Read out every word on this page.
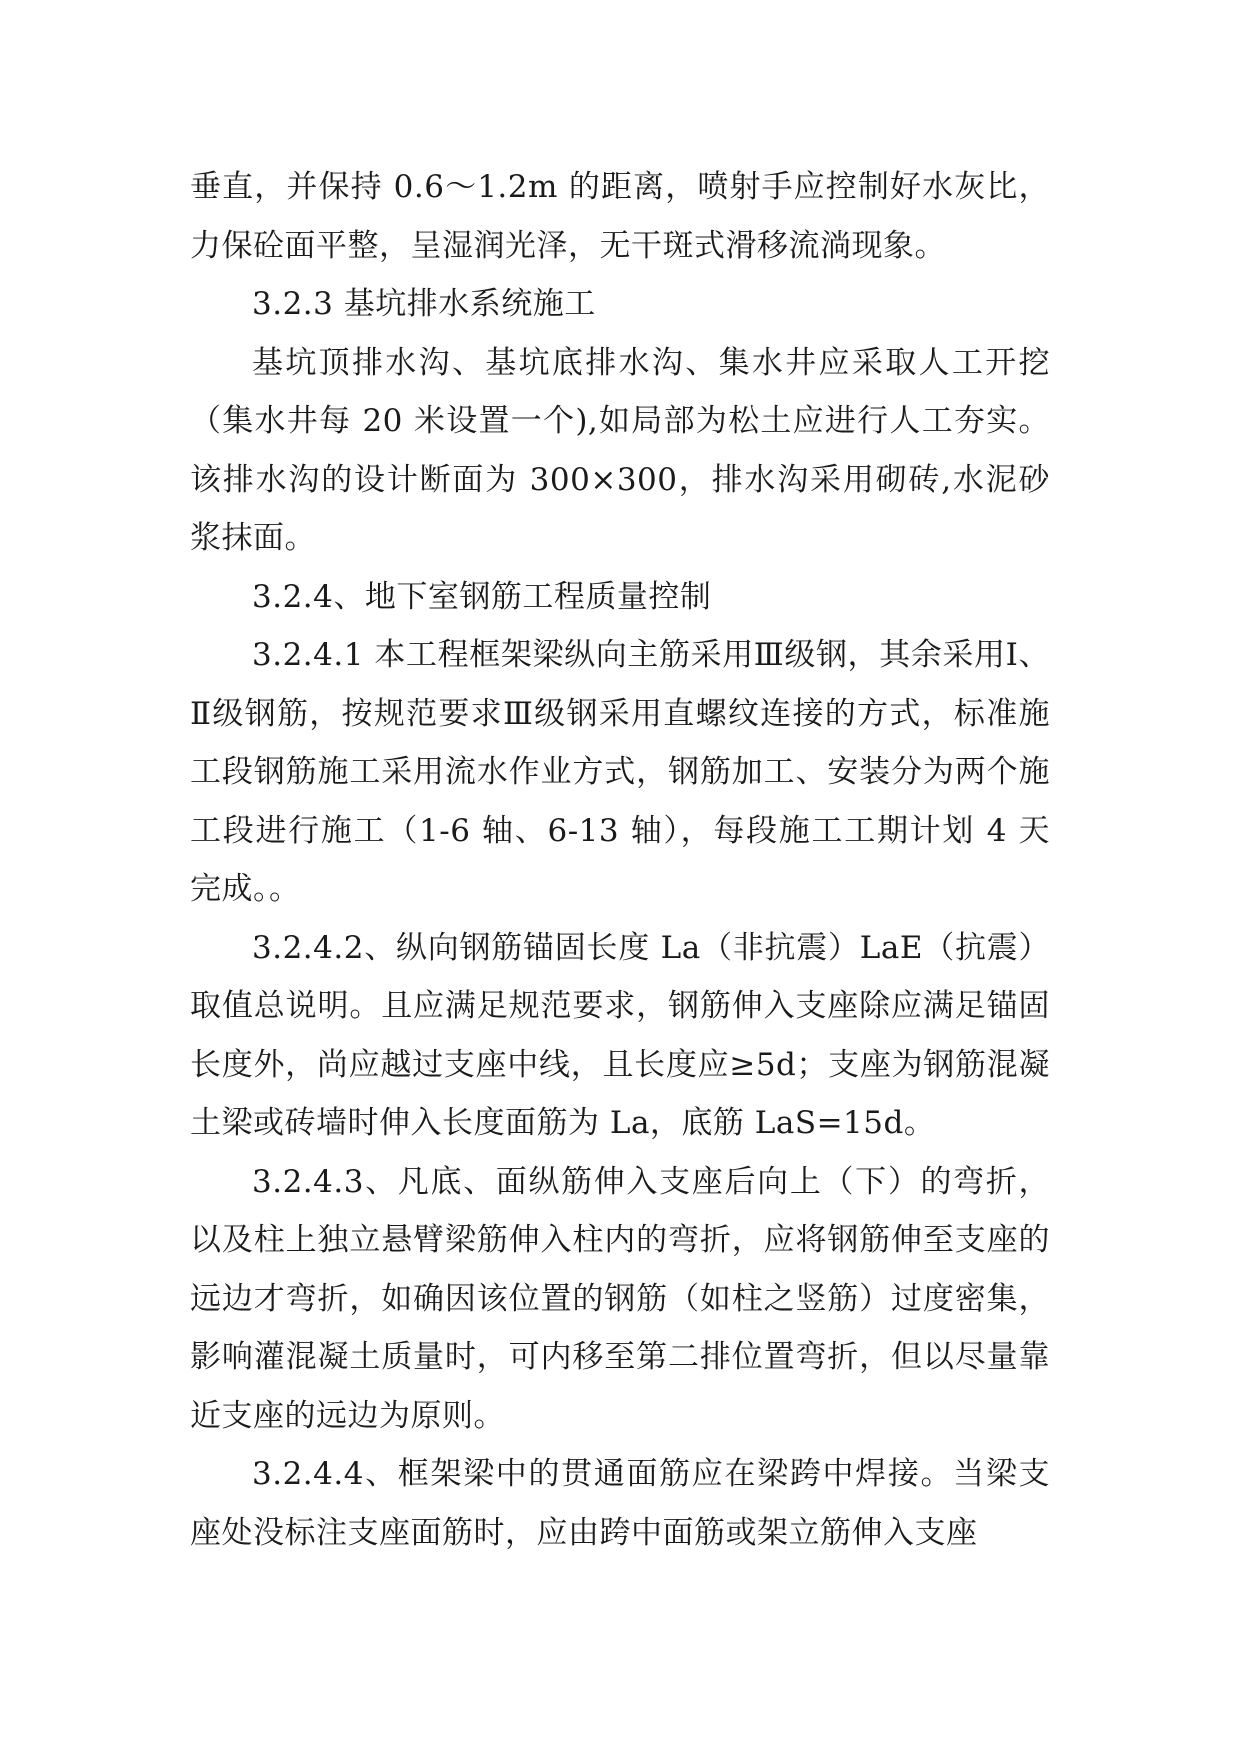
垂直，并保持 0.6～1.2m 的距离，喷射手应控制好水灰比，力保砼面平整，呈湿润光泽，无干斑式滑移流淌现象。

3.2.3 基坑排水系统施工

基坑顶排水沟、基坑底排水沟、集水井应采取人工开挖（集水井每 20 米设置一个),如局部为松土应进行人工夯实。该排水沟的设计断面为 300×300，排水沟采用砌砖,水泥砂浆抹面。

3.2.4、地下室钢筋工程质量控制

3.2.4.1 本工程框架梁纵向主筋采用Ⅲ级钢，其余采用Ⅰ、Ⅱ级钢筋，按规范要求Ⅲ级钢采用直螺纹连接的方式，标准施工段钢筋施工采用流水作业方式，钢筋加工、安装分为两个施工段进行施工（1-6 轴、6-13 轴），每段施工工期计划 4 天完成。。

3.2.4.2、纵向钢筋锚固长度 La（非抗震）LaE（抗震）取值总说明。且应满足规范要求，钢筋伸入支座除应满足锚固长度外，尚应越过支座中线，且长度应≥5d；支座为钢筋混凝土梁或砖墙时伸入长度面筋为 La，底筋 LaS=15d。

3.2.4.3、凡底、面纵筋伸入支座后向上（下）的弯折，以及柱上独立悬臂梁筋伸入柱内的弯折，应将钢筋伸至支座的远边才弯折，如确因该位置的钢筋（如柱之竖筋）过度密集，影响灌混凝土质量时，可内移至第二排位置弯折，但以尽量靠近支座的远边为原则。

3.2.4.4、框架梁中的贯通面筋应在梁跨中焊接。当梁支座处没标注支座面筋时，应由跨中面筋或架立筋伸入支座
